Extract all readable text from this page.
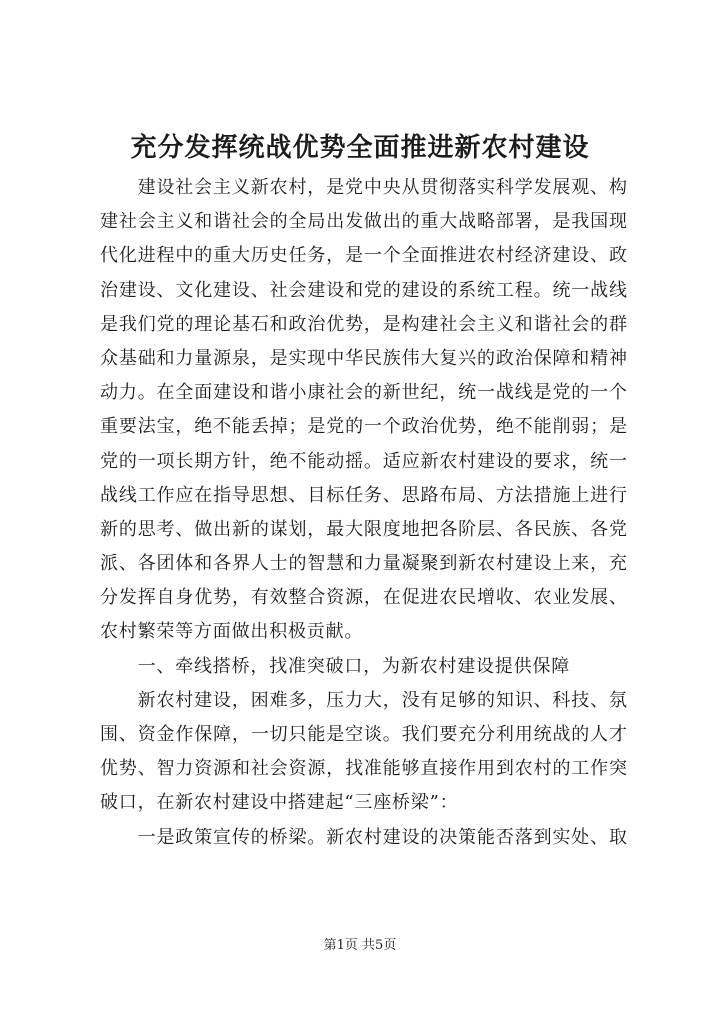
充分发挥统战优势全面推进新农村建设
建设社会主义新农村，是党中央从贯彻落实科学发展观、构
建社会主义和谐社会的全局出发做出的重大战略部署，是我国现
代化进程中的重大历史任务，是一个全面推进农村经济建设、政
治建设、文化建设、社会建设和党的建设的系统工程。统一战线
是我们党的理论基石和政治优势，是构建社会主义和谐社会的群
众基础和力量源泉，是实现中华民族伟大复兴的政治保障和精神
动力。在全面建设和谐小康社会的新世纪，统一战线是党的一个
重要法宝，绝不能丢掉；是党的一个政治优势，绝不能削弱；是
党的一项长期方针，绝不能动摇。适应新农村建设的要求，统一
战线工作应在指导思想、目标任务、思路布局、方法措施上进行
新的思考、做出新的谋划，最大限度地把各阶层、各民族、各党
派、各团体和各界人士的智慧和力量凝聚到新农村建设上来，充
分发挥自身优势，有效整合资源，在促进农民增收、农业发展、
农村繁荣等方面做出积极贡献。
一、牵线搭桥，找准突破口，为新农村建设提供保障
新农村建设，困难多，压力大，没有足够的知识、科技、氛
围、资金作保障，一切只能是空谈。我们要充分利用统战的人才
优势、智力资源和社会资源，找准能够直接作用到农村的工作突
破口，在新农村建设中搭建起“三座桥梁”：
一是政策宣传的桥梁。新农村建设的决策能否落到实处、取
第1页 共5页
